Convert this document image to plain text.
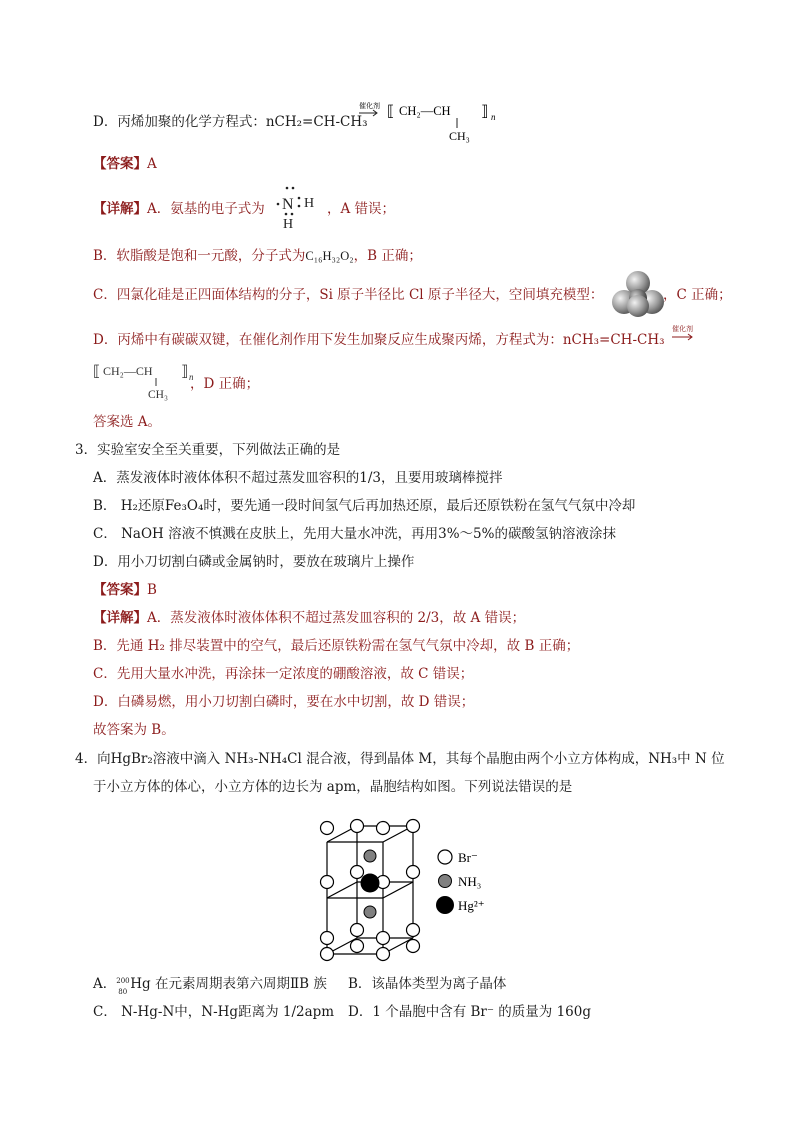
D．丙烯加聚的化学方程式：nCH₂=CH-CH₃
催化剂 ⟦ CH₂—CH ⟧ n
CH₃
【答案】A
【详解】A．氨基的电子式为 N H
H
，A 错误；
B．软脂酸是饱和一元酸，分子式为C₁₆H₃₂O₂，B 正确；
C．四氯化硅是正四面体结构的分子，Si 原子半径比 Cl 原子半径大，空间填充模型：	，C 正确；
D．丙烯中有碳碳双键，在催化剂作用下发生加聚反应生成聚丙烯，方程式为：nCH₃=CH-CH₃
催化剂
⟦ CH₂—CH ⟧
CH₃
，D 正确；
答案选 A。
3．实验室安全至关重要，下列做法正确的是
A．蒸发液体时液体体积不超过蒸发皿容积的1/3，且要用玻璃棒搅拌
B． H₂还原Fe₃O₄时，要先通一段时间氢气后再加热还原，最后还原铁粉在氢气气氛中冷却
C． NaOH 溶液不慎溅在皮肤上，先用大量水冲洗，再用3%～5%的碳酸氢钠溶液涂抹
D．用小刀切割白磷或金属钠时，要放在玻璃片上操作
【答案】B
【详解】A．蒸发液体时液体体积不超过蒸发皿容积的 2/3，故 A 错误；
B．先通 H₂ 排尽装置中的空气，最后还原铁粉需在氢气气氛中冷却，故 B 正确；
C．先用大量水冲洗，再涂抹一定浓度的硼酸溶液，故 C 错误；
D．白磷易燃，用小刀切割白磷时，要在水中切割，故 D 错误；
故答案为 B。
4．向HgBr₂溶液中滴入 NH₃-NH₄Cl 混合液，得到晶体 M，其每个晶胞由两个小立方体构成，NH₃中 N 位
于小立方体的体心，小立方体的边长为 apm，晶胞结构如图。下列说法错误的是
Br⁻
NH₃
Hg²⁺
A． 200
80 Hg 在元素周期表第六周期ⅡB 族 B．该晶体类型为离子晶体
C． N-Hg-N中，N-Hg距离为 1/2apm D．1 个晶胞中含有 Br⁻ 的质量为 160g
